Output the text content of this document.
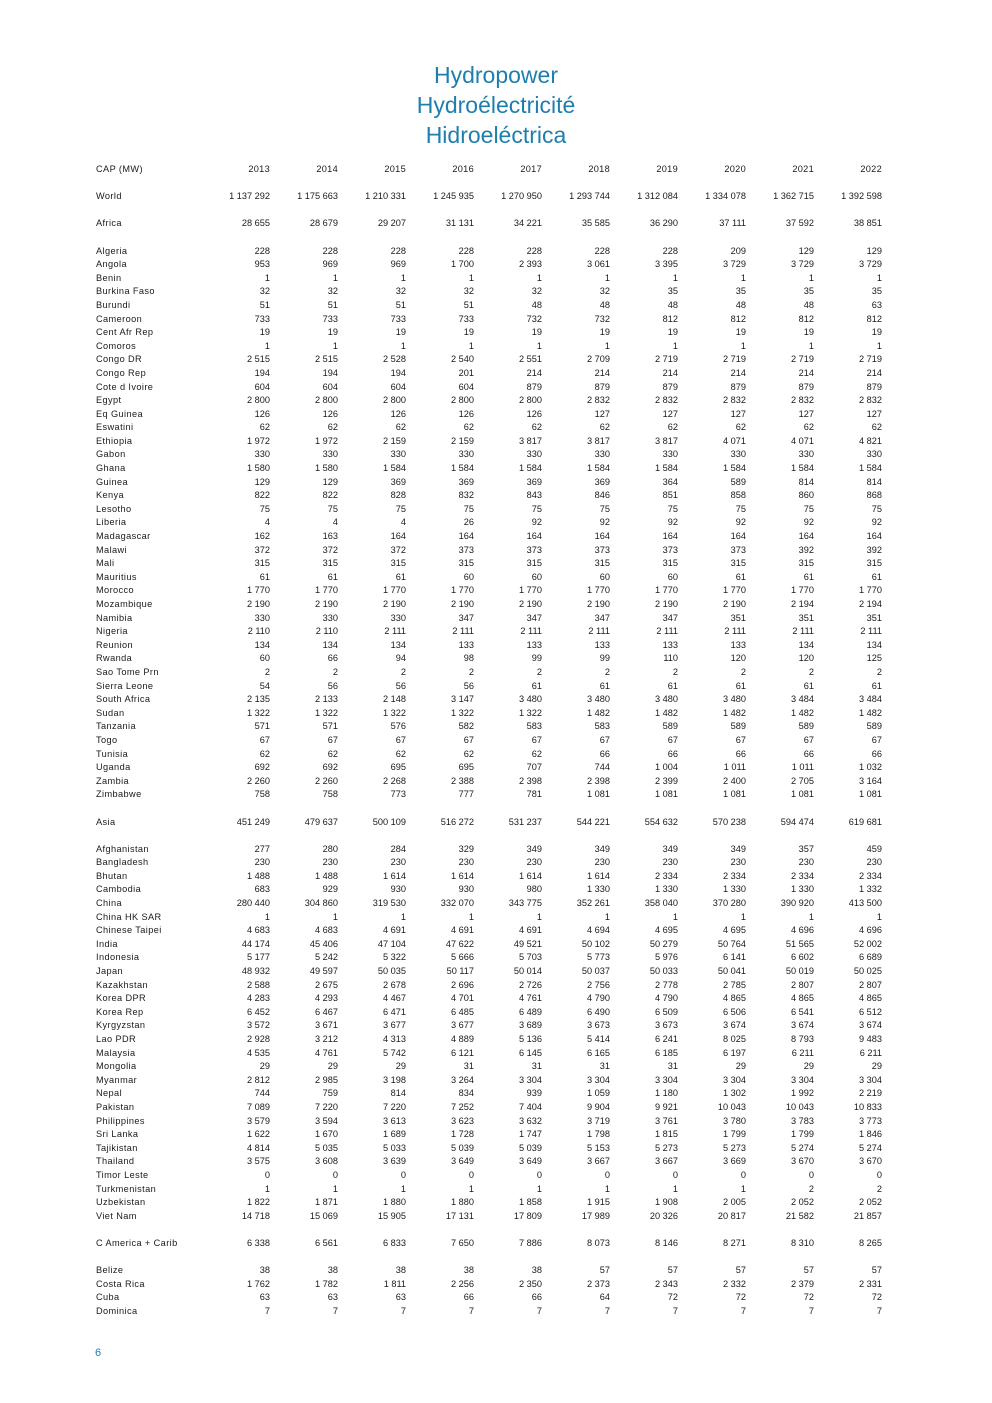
Hydropower
Hydroélectricité
Hidroeléctrica
CAP (MW)	2013	2014	2015	2016	2017	2018	2019	2020	2021	2022

World	1 137 292	1 175 663	1 210 331	1 245 935	1 270 950	1 293 744	1 312 084	1 334 078	1 362 715	1 392 598

Africa	28 655	28 679	29 207	31 131	34 221	35 585	36 290	37 111	37 592	38 851

Algeria	228	228	228	228	228	228	228	209	129	129
Angola	953	969	969	1 700	2 393	3 061	3 395	3 729	3 729	3 729
Benin	1	1	1	1	1	1	1	1	1	1
Burkina Faso	32	32	32	32	32	32	35	35	35	35
Burundi	51	51	51	51	48	48	48	48	48	63
Cameroon	733	733	733	733	732	732	812	812	812	812
Cent Afr Rep	19	19	19	19	19	19	19	19	19	19
Comoros	1	1	1	1	1	1	1	1	1	1
Congo DR	2 515	2 515	2 528	2 540	2 551	2 709	2 719	2 719	2 719	2 719
Congo Rep	194	194	194	201	214	214	214	214	214	214
Cote d Ivoire	604	604	604	604	879	879	879	879	879	879
Egypt	2 800	2 800	2 800	2 800	2 800	2 832	2 832	2 832	2 832	2 832
Eq Guinea	126	126	126	126	126	127	127	127	127	127
Eswatini	62	62	62	62	62	62	62	62	62	62
Ethiopia	1 972	1 972	2 159	2 159	3 817	3 817	3 817	4 071	4 071	4 821
Gabon	330	330	330	330	330	330	330	330	330	330
Ghana	1 580	1 580	1 584	1 584	1 584	1 584	1 584	1 584	1 584	1 584
Guinea	129	129	369	369	369	369	364	589	814	814
Kenya	822	822	828	832	843	846	851	858	860	868
Lesotho	75	75	75	75	75	75	75	75	75	75
Liberia	4	4	4	26	92	92	92	92	92	92
Madagascar	162	163	164	164	164	164	164	164	164	164
Malawi	372	372	372	373	373	373	373	373	392	392
Mali	315	315	315	315	315	315	315	315	315	315
Mauritius	61	61	61	60	60	60	60	61	61	61
Morocco	1 770	1 770	1 770	1 770	1 770	1 770	1 770	1 770	1 770	1 770
Mozambique	2 190	2 190	2 190	2 190	2 190	2 190	2 190	2 190	2 194	2 194
Namibia	330	330	330	347	347	347	347	351	351	351
Nigeria	2 110	2 110	2 111	2 111	2 111	2 111	2 111	2 111	2 111	2 111
Reunion	134	134	134	133	133	133	133	133	134	134
Rwanda	60	66	94	98	99	99	110	120	120	125
Sao Tome Prn	2	2	2	2	2	2	2	2	2	2
Sierra Leone	54	56	56	56	61	61	61	61	61	61
South Africa	2 135	2 133	2 148	3 147	3 480	3 480	3 480	3 480	3 484	3 484
Sudan	1 322	1 322	1 322	1 322	1 322	1 482	1 482	1 482	1 482	1 482
Tanzania	571	571	576	582	583	583	589	589	589	589
Togo	67	67	67	67	67	67	67	67	67	67
Tunisia	62	62	62	62	62	66	66	66	66	66
Uganda	692	692	695	695	707	744	1 004	1 011	1 011	1 032
Zambia	2 260	2 260	2 268	2 388	2 398	2 398	2 399	2 400	2 705	3 164
Zimbabwe	758	758	773	777	781	1 081	1 081	1 081	1 081	1 081

Asia	451 249	479 637	500 109	516 272	531 237	544 221	554 632	570 238	594 474	619 681

Afghanistan	277	280	284	329	349	349	349	349	357	459
Bangladesh	230	230	230	230	230	230	230	230	230	230
Bhutan	1 488	1 488	1 614	1 614	1 614	1 614	2 334	2 334	2 334	2 334
Cambodia	683	929	930	930	980	1 330	1 330	1 330	1 330	1 332
China	280 440	304 860	319 530	332 070	343 775	352 261	358 040	370 280	390 920	413 500
China HK SAR	1	1	1	1	1	1	1	1	1	1
Chinese Taipei	4 683	4 683	4 691	4 691	4 691	4 694	4 695	4 695	4 696	4 696
India	44 174	45 406	47 104	47 622	49 521	50 102	50 279	50 764	51 565	52 002
Indonesia	5 177	5 242	5 322	5 666	5 703	5 773	5 976	6 141	6 602	6 689
Japan	48 932	49 597	50 035	50 117	50 014	50 037	50 033	50 041	50 019	50 025
Kazakhstan	2 588	2 675	2 678	2 696	2 726	2 756	2 778	2 785	2 807	2 807
Korea DPR	4 283	4 293	4 467	4 701	4 761	4 790	4 790	4 865	4 865	4 865
Korea Rep	6 452	6 467	6 471	6 485	6 489	6 490	6 509	6 506	6 541	6 512
Kyrgyzstan	3 572	3 671	3 677	3 677	3 689	3 673	3 673	3 674	3 674	3 674
Lao PDR	2 928	3 212	4 313	4 889	5 136	5 414	6 241	8 025	8 793	9 483
Malaysia	4 535	4 761	5 742	6 121	6 145	6 165	6 185	6 197	6 211	6 211
Mongolia	29	29	29	31	31	31	31	29	29	29
Myanmar	2 812	2 985	3 198	3 264	3 304	3 304	3 304	3 304	3 304	3 304
Nepal	744	759	814	834	939	1 059	1 180	1 302	1 992	2 219
Pakistan	7 089	7 220	7 220	7 252	7 404	9 904	9 921	10 043	10 043	10 833
Philippines	3 579	3 594	3 613	3 623	3 632	3 719	3 761	3 780	3 783	3 773
Sri Lanka	1 622	1 670	1 689	1 728	1 747	1 798	1 815	1 799	1 799	1 846
Tajikistan	4 814	5 035	5 033	5 039	5 039	5 153	5 273	5 273	5 274	5 274
Thailand	3 575	3 608	3 639	3 649	3 649	3 667	3 667	3 669	3 670	3 670
Timor Leste	0	0	0	0	0	0	0	0	0	0
Turkmenistan	1	1	1	1	1	1	1	1	2	2
Uzbekistan	1 822	1 871	1 880	1 880	1 858	1 915	1 908	2 005	2 052	2 052
Viet Nam	14 718	15 069	15 905	17 131	17 809	17 989	20 326	20 817	21 582	21 857

C America + Carib	6 338	6 561	6 833	7 650	7 886	8 073	8 146	8 271	8 310	8 265

Belize	38	38	38	38	38	57	57	57	57	57
Costa Rica	1 762	1 782	1 811	2 256	2 350	2 373	2 343	2 332	2 379	2 331
Cuba	63	63	63	66	66	64	72	72	72	72
Dominica	7	7	7	7	7	7	7	7	7	7
6
